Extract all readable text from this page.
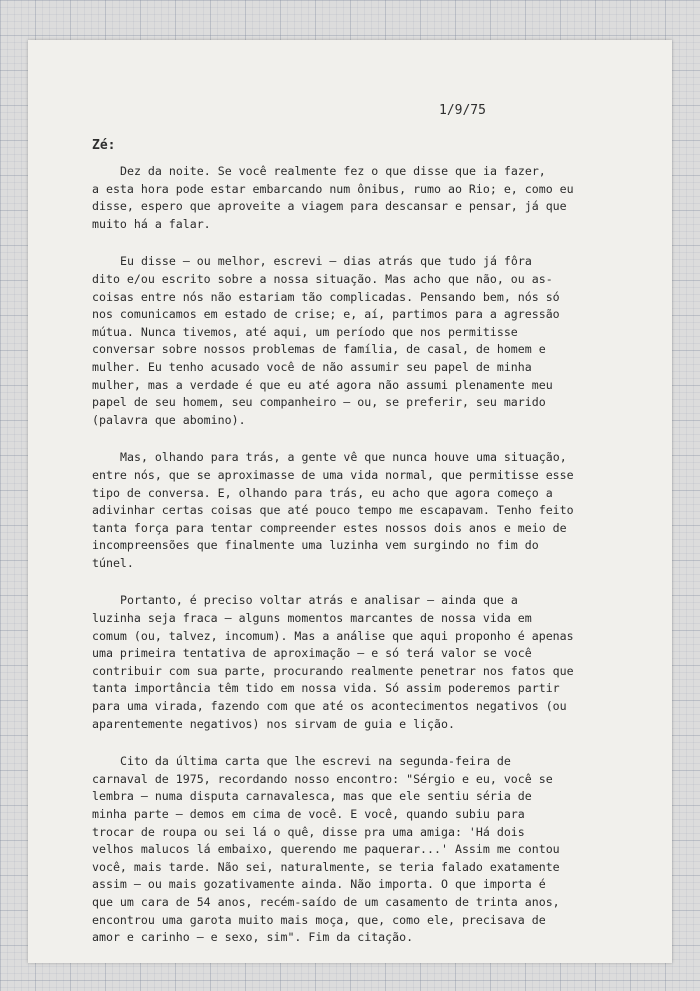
1/9/75
Zé:
Dez da noite. Se você realmente fez o que disse que ia fazer,
a esta hora pode estar embarcando num ônibus, rumo ao Rio; e, como eu
disse, espero que aproveite a viagem para descansar e pensar, já que
muito há a falar.
Eu disse — ou melhor, escrevi — dias atrás que tudo já fôra
dito e/ou escrito sobre a nossa situação. Mas acho que não, ou as-
coisas entre nós não estariam tão complicadas. Pensando bem, nós só
nos comunicamos em estado de crise; e, aí, partimos para a agressão
mútua. Nunca tivemos, até aqui, um período que nos permitisse
conversar sobre nossos problemas de família, de casal, de homem e
mulher. Eu tenho acusado você de não assumir seu papel de minha
mulher, mas a verdade é que eu até agora não assumi plenamente meu
papel de seu homem, seu companheiro — ou, se preferir, seu marido
(palavra que abomino).
Mas, olhando para trás, a gente vê que nunca houve uma situação,
entre nós, que se aproximasse de uma vida normal, que permitisse esse
tipo de conversa. E, olhando para trás, eu acho que agora começo a
adivinhar certas coisas que até pouco tempo me escapavam. Tenho feito
tanta força para tentar compreender estes nossos dois anos e meio de
incompreensões que finalmente uma luzinha vem surgindo no fim do
túnel.
Portanto, é preciso voltar atrás e analisar — ainda que a
luzinha seja fraca — alguns momentos marcantes de nossa vida em
comum (ou, talvez, incomum). Mas a análise que aqui proponho é apenas
uma primeira tentativa de aproximação — e só terá valor se você
contribuir com sua parte, procurando realmente penetrar nos fatos que
tanta importância têm tido em nossa vida. Só assim poderemos partir
para uma virada, fazendo com que até os acontecimentos negativos (ou
aparentemente negativos) nos sirvam de guia e lição.
Cito da última carta que lhe escrevi na segunda-feira de
carnaval de 1975, recordando nosso encontro: "Sérgio e eu, você se
lembra — numa disputa carnavalesca, mas que ele sentiu séria de
minha parte — demos em cima de você. E você, quando subiu para
trocar de roupa ou sei lá o quê, disse pra uma amiga: 'Há dois
velhos malucos lá embaixo, querendo me paquerar...' Assim me contou
você, mais tarde. Não sei, naturalmente, se teria falado exatamente
assim — ou mais gozativamente ainda. Não importa. O que importa é
que um cara de 54 anos, recém-saído de um casamento de trinta anos,
encontrou uma garota muito mais moça, que, como ele, precisava de
amor e carinho — e sexo, sim". Fim da citação.
